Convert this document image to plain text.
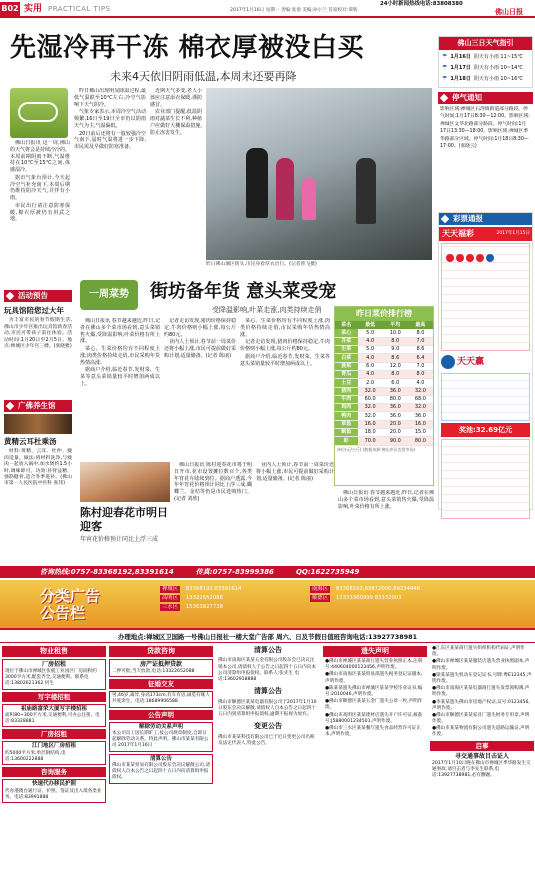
B02 实用 PRACTICAL TIPS	2017年1月16日 星期一 责编:张倩 美编:孙小兰 首席校对:谭新
24小时新闻热线电话:83808380
佛山日报
先湿冷再干冻 棉衣厚被没白买
未来4天依旧阴雨低温,本周末还要再降
佛山三日天气指引
☂ 1月16日 阴天有小雨 11~15℃
☂ 1月17日 阴天有小雨 10~14℃
☂ 1月18日 阴天有小雨 10~16℃
停气通知
影响区域:禅城区石湾镇街道部分路段。停气时间:1月17日8:30—12:00。影响区域:禅城区文华北路部分路段。停气时间:1月17日13:30—18:00。影响区域:禅城区季华路部分区域。停气时间:1月18日8:30—17:00。(张晓云)
彩票通报
天天福彩	2017年1月15日
天天赢
奖池:32.69亿元

佛山日报讯 这一周,佛山的天气将会是持续冷冷的。本周前期阴雨不断,气温维持在10℃至15℃之间,体感湿冷。

据市气象台预计,今天起冷空气补充南下,本周后期仍维持阴冷天气,并伴有小雨。

市民出行请注意防寒保暖,棉衣厚被仍有用武之地。

昨日佛山出现明显降温过程,最低气温跌至10℃左右,冷空气影响下天气阴冷。

气象专家表示,本周冷空气活动频繁,16日至19日全市仍以阴雨天气为主,气温偏低。

20日前后还将有一股较强冷空气南下,届时气温将进一步下降,市民需及早做好防寒准备。

近期天气多变,老人小孩应注意添衣保暖,谨防感冒。

农业部门提醒,低温阴雨对蔬菜生长不利,种植户应做好大棚保温措施,防止冻害发生。

昨日佛山城区街头,市民身着厚衣出行。(记者曾飞摄)
活动预告
玩具馆陪您过大年

为丰富市民的春节假期生活,佛山市少年宫推出玩具馆新春活动,市民可带孩子前往体验。活动时间:1月20日至2月5日。地点:禅城区少年宫三楼。(张晓雅)

广佛养生馆
黄精云耳杜乘汤

材料:黄精、云耳、杜仲、瘦肉适量。做法:将材料洗净,与瘦肉一起放入锅中,加水煲约1.5小时,调味即可。功效:补肾益精、强筋健骨,适合冬季进补。(佛山市第一人民医院中医科 张伟)

一周菜势	街坊备年货 意头菜受宠
受降温影响,叶菜走涨,肉类持续走俏

佛山日报讯 春节越来越近,昨日,记者在佛山多个菜市场看到,意头菜销售火爆,受降温影响,叶菜价格有所上涨。

菜心、生菜价格均有不同程度上涨,肉类价格持续走俏,市民采购年货热情高涨。

据商户介绍,临近春节,发财菜、生菜等意头菜销量较平时增加两成以上。

记者走访发现,猪肉价格保持稳定,牛肉价格则小幅上涨,每公斤约80元。

业内人士预计,春节前一周菜价还将小幅上涨,市民可提前做好采购计划,适量储备。(记者 陈丽)

菜心、生菜价格均有不同程度上涨,肉类价格持续走俏,市民采购年货热情高涨。

记者走访发现,猪肉价格保持稳定,牛肉价格则小幅上涨,每公斤约80元。

据商户介绍,临近春节,发财菜、生菜等意头菜销量较平时增加两成以上。

昨日菜价排行榜
菜名	最低	平均	最高
菜心	5.0	10.0	8.0
芥菜	4.0	8.0	7.0
生菜	5.0	9.0	8.6
白菜	4.0	8.6	6.4
菠菜	6.0	12.0	7.0
青瓜	4.0	8.0	8.0
土豆	2.0	6.0	4.0
猪肉	32.0	36.0	32.0
牛肉	60.0	80.0	68.0
鸡肉	32.0	36.0	32.0
鸭肉	32.0	36.0	36.0
草鱼	16.0	20.0	16.0
鲩鱼	18.0	20.0	15.0
虾	70.0	90.0	80.0
单位(元/公斤) (数据来源:佛山市区农贸市场)
陈村迎春花市明日迎客
年宵花价格预计同比上浮三成

佛山日报讯 陈村迎春花市将于明日开市,花市设置摊位数百个,各类年宵花卉陆续到位。据商户透露,今年年宵花价格预计同比上浮三成,蝴蝶兰、金桔等仍是市民选购热门。(记者 刘欣)

业内人士预计,春节前一周菜价还将小幅上涨,市民可提前做好采购计划,适量储备。(记者 陈丽)

佛山日报讯 春节越来越近,昨日,记者在佛山多个菜市场看到,意头菜销售火爆,受降温影响,叶菜价格有所上涨。

咨询热线:0757-83368192,83391614	传真:0757-83999386	QQ:1622735949
分类广告公告栏
禅城区	83368192,83391614
高明区	13322652088
三水区	15363827738
南海区	83368192,83872000,89234446
顺德区	13333360999 83332003
办理地点:禅城区卫国路一号佛山日报社一楼大堂广告部 周六、日及节假日值班咨询电话:13927738981
物业租售
厂房招租
现位于佛山市禅城区张槎工业园区厂房面积约3000平方米,配套齐全,交通便利。联系电话:13802621362 何生
写字楼招租
祖庙路富荣大厦写字楼招租
面积80~300平方米,交通便利,可办公注册。电话:83328881
厂房招租
江门地区厂房招租
约5000平方米,单层钢结构,电话:13600222888
咨询服务
快速代办移民护照
代办港澳台通行证、护照、签证及出入境各类业务。电话:83991888
贷款咨询
房产证抵押贷款
二押可批,当天放款,电话:13322652088
征婚交友
男,46岁,离异,身高173cm,有车有房,诚觅有缘人共度余生。电话:18689906588
公告声明
解除劳动关系声明
本公司员工因长期旷工,按公司规章制度,自即日起解除劳动关系。特此声明。佛山市某某有限公司 2017年1月16日
清算公告
佛山市某某贸易有限公司股东会决议解散公司,请债权人自本公告之日起四十五日内向清算组申报债权。
清算公告
佛山市南海区某某五金有限公司股东会已决议注销本公司,请债权人于公告之日起四十五日内向本公司清算组申报债权。联系人:张先生 电话:13602918888
清算公告
佛山市顺德区某某电器有限公司于2017年1月10日股东会决议解散,请债权人自本公告之日起四十五日内到清算组申报债权,逾期不报视为放弃。
变更公告
佛山市某某科技有限公司已于近日变更公司名称及法定代表人,特此公告。
遗失声明
●佛山市禅城区某某商行遗失营业执照正本,注册号:440604000123456,声明作废。
●佛山市南海区某某贸易部遗失税务登记证副本,声明作废。
●陈某某遗失佛山市禅城区某某学校毕业证书,编号:2010046,声明作废。
●佛山市顺德区某某五金厂遗失公章一枚,声明作废。
●佛山市高明区某某建材店遗失开户许可证,核准号:J5880001234501,声明作废。
●佛山市三水区某某餐厅遗失食品经营许可证正本,声明作废。
●江东区某某商行遗失组织机构代码证,声明作废。
●佛山市禅城区某某服装店遗失营业执照副本,声明作废。
●梁某某遗失机动车登记证书,号牌:粤E12345,声明作废。
●佛山市南海区某某电器商行遗失发票领购簿,声明作废。
●李某某遗失佛山市房地产权证,证号:0123456,声明作废。
●佛山市顺德区某某家具厂遗失财务专用章,声明作废。
●佛山市某某物流有限公司遗失道路运输证,声明作废。
启事
寻交通事故目击证人
2017年1月10日晚在佛山市禅城区季华路发生交通事故,请目击者与李先生联系,电话:13927738981,必有酬谢。
